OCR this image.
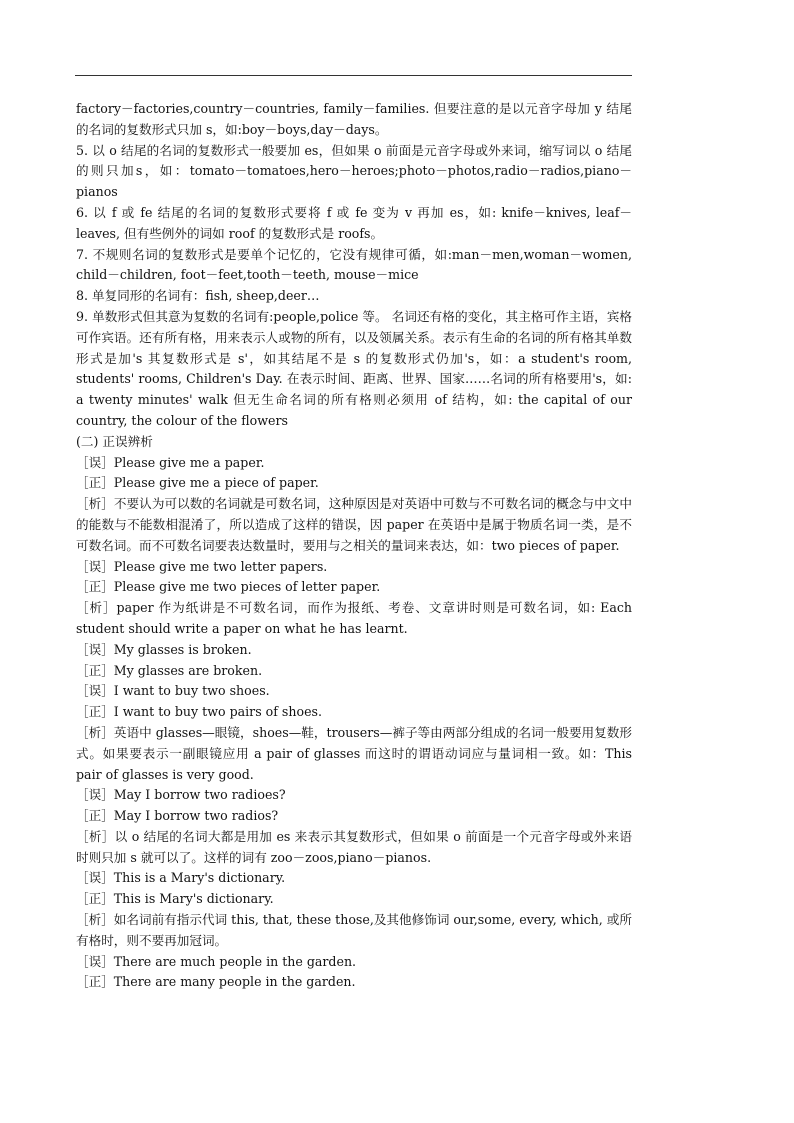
factory－factories,country－countries, family－families. 但要注意的是以元音字母加 y 结尾的名词的复数形式只加 s，如:boy－boys,day－days。

5. 以 o 结尾的名词的复数形式一般要加 es，但如果 o 前面是元音字母或外来词，缩写词以 o 结尾的则只加s，如：tomato－tomatoes,hero－heroes;photo－photos,radio－radios,piano－pianos

6. 以 f 或 fe 结尾的名词的复数形式要将 f 或 fe 变为 v 再加 es，如: knife－knives, leaf－leaves, 但有些例外的词如 roof 的复数形式是 roofs。

7. 不规则名词的复数形式是要单个记忆的，它没有规律可循，如:man－men,woman－women, child－children, foot－feet,tooth－teeth, mouse－mice

8. 单复同形的名词有：fish, sheep,deer…

9. 单数形式但其意为复数的名词有:people,police 等。 名词还有格的变化，其主格可作主语，宾格可作宾语。还有所有格，用来表示人或物的所有，以及领属关系。表示有生命的名词的所有格其单数形式是加's 其复数形式是 s'，如其结尾不是 s 的复数形式仍加's，如：a student's room, students' rooms, Children's Day. 在表示时间、距离、世界、国家……名词的所有格要用's，如: a twenty minutes' walk 但无生命名词的所有格则必须用 of 结构，如: the capital of our country, the colour of the flowers

(二) 正误辨析

［误］Please give me a paper.

［正］Please give me a piece of paper.

［析］不要认为可以数的名词就是可数名词，这种原因是对英语中可数与不可数名词的概念与中文中的能数与不能数相混淆了，所以造成了这样的错误，因 paper 在英语中是属于物质名词一类，是不可数名词。而不可数名词要表达数量时，要用与之相关的量词来表达，如：two pieces of paper.

［误］Please give me two letter papers.

［正］Please give me two pieces of letter paper.

［析］paper 作为纸讲是不可数名词，而作为报纸、考卷、文章讲时则是可数名词，如: Each student should write a paper on what he has learnt.

［误］My glasses is broken.

［正］My glasses are broken.

［误］I want to buy two shoes.

［正］I want to buy two pairs of shoes.

［析］英语中 glasses—眼镜，shoes—鞋，trousers—裤子等由两部分组成的名词一般要用复数形式。如果要表示一副眼镜应用 a pair of glasses 而这时的谓语动词应与量词相一致。如：This pair of glasses is very good.

［误］May I borrow two radioes?

［正］May I borrow two radios?

［析］以 o 结尾的名词大都是用加 es 来表示其复数形式，但如果 o 前面是一个元音字母或外来语时则只加 s 就可以了。这样的词有 zoo－zoos,piano－pianos.

［误］This is a Mary's dictionary.

［正］This is Mary's dictionary.

［析］如名词前有指示代词 this, that, these those,及其他修饰词 our,some, every, which, 或所有格时，则不要再加冠词。

［误］There are much people in the garden.

［正］There are many people in the garden.
